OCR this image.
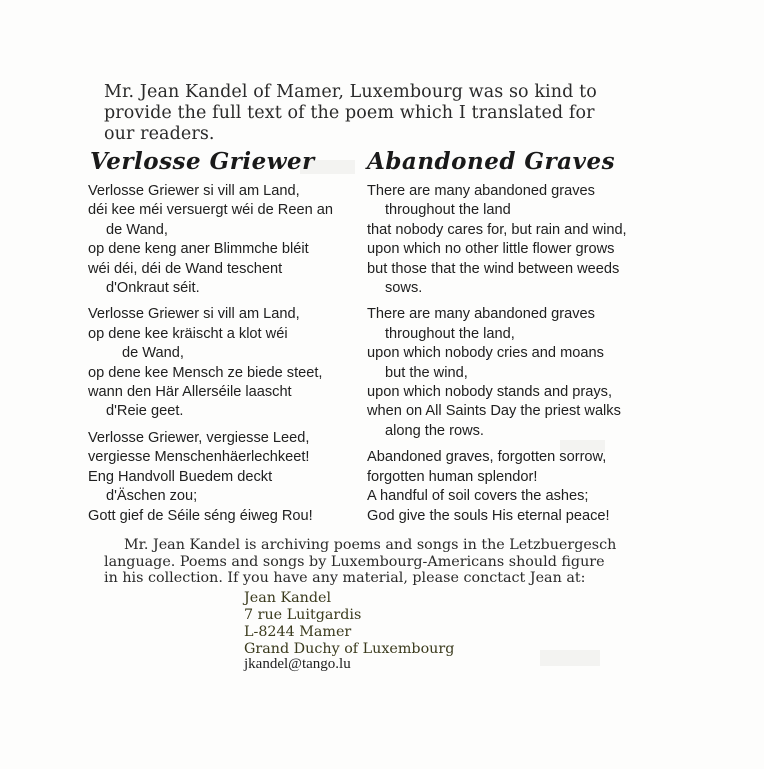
Mr. Jean Kandel of Mamer, Luxembourg was so kind to
provide the full text of the poem which I translated for
our readers.
Verlosse Griewer Abandoned Graves
Verlosse Griewer si vill am Land,
déi kee méi versuergt wéi de Reen an
de Wand,
op dene keng aner Blimmche bléit
wéi déi, déi de Wand teschent
d'Onkraut séit.
Verlosse Griewer si vill am Land,
op dene kee kräischt a klot wéi
de Wand,
op dene kee Mensch ze biede steet,
wann den Här Allerséile laascht
d'Reie geet.
Verlosse Griewer, vergiesse Leed,
vergiesse Menschenhäerlechkeet!
Eng Handvoll Buedem deckt
d'Äschen zou;
Gott gief de Séile séng éiweg Rou!
There are many abandoned graves
throughout the land
that nobody cares for, but rain and wind,
upon which no other little flower grows
but those that the wind between weeds
sows.
There are many abandoned graves
throughout the land,
upon which nobody cries and moans
but the wind,
upon which nobody stands and prays,
when on All Saints Day the priest walks
along the rows.
Abandoned graves, forgotten sorrow,
forgotten human splendor!
A handful of soil covers the ashes;
God give the souls His eternal peace!
Mr. Jean Kandel is archiving poems and songs in the Letzbuergesch
language. Poems and songs by Luxembourg-Americans should figure
in his collection. If you have any material, please conctact Jean at:
Jean Kandel
7 rue Luitgardis
L-8244 Mamer
Grand Duchy of Luxembourg
jkandel@tango.lu
